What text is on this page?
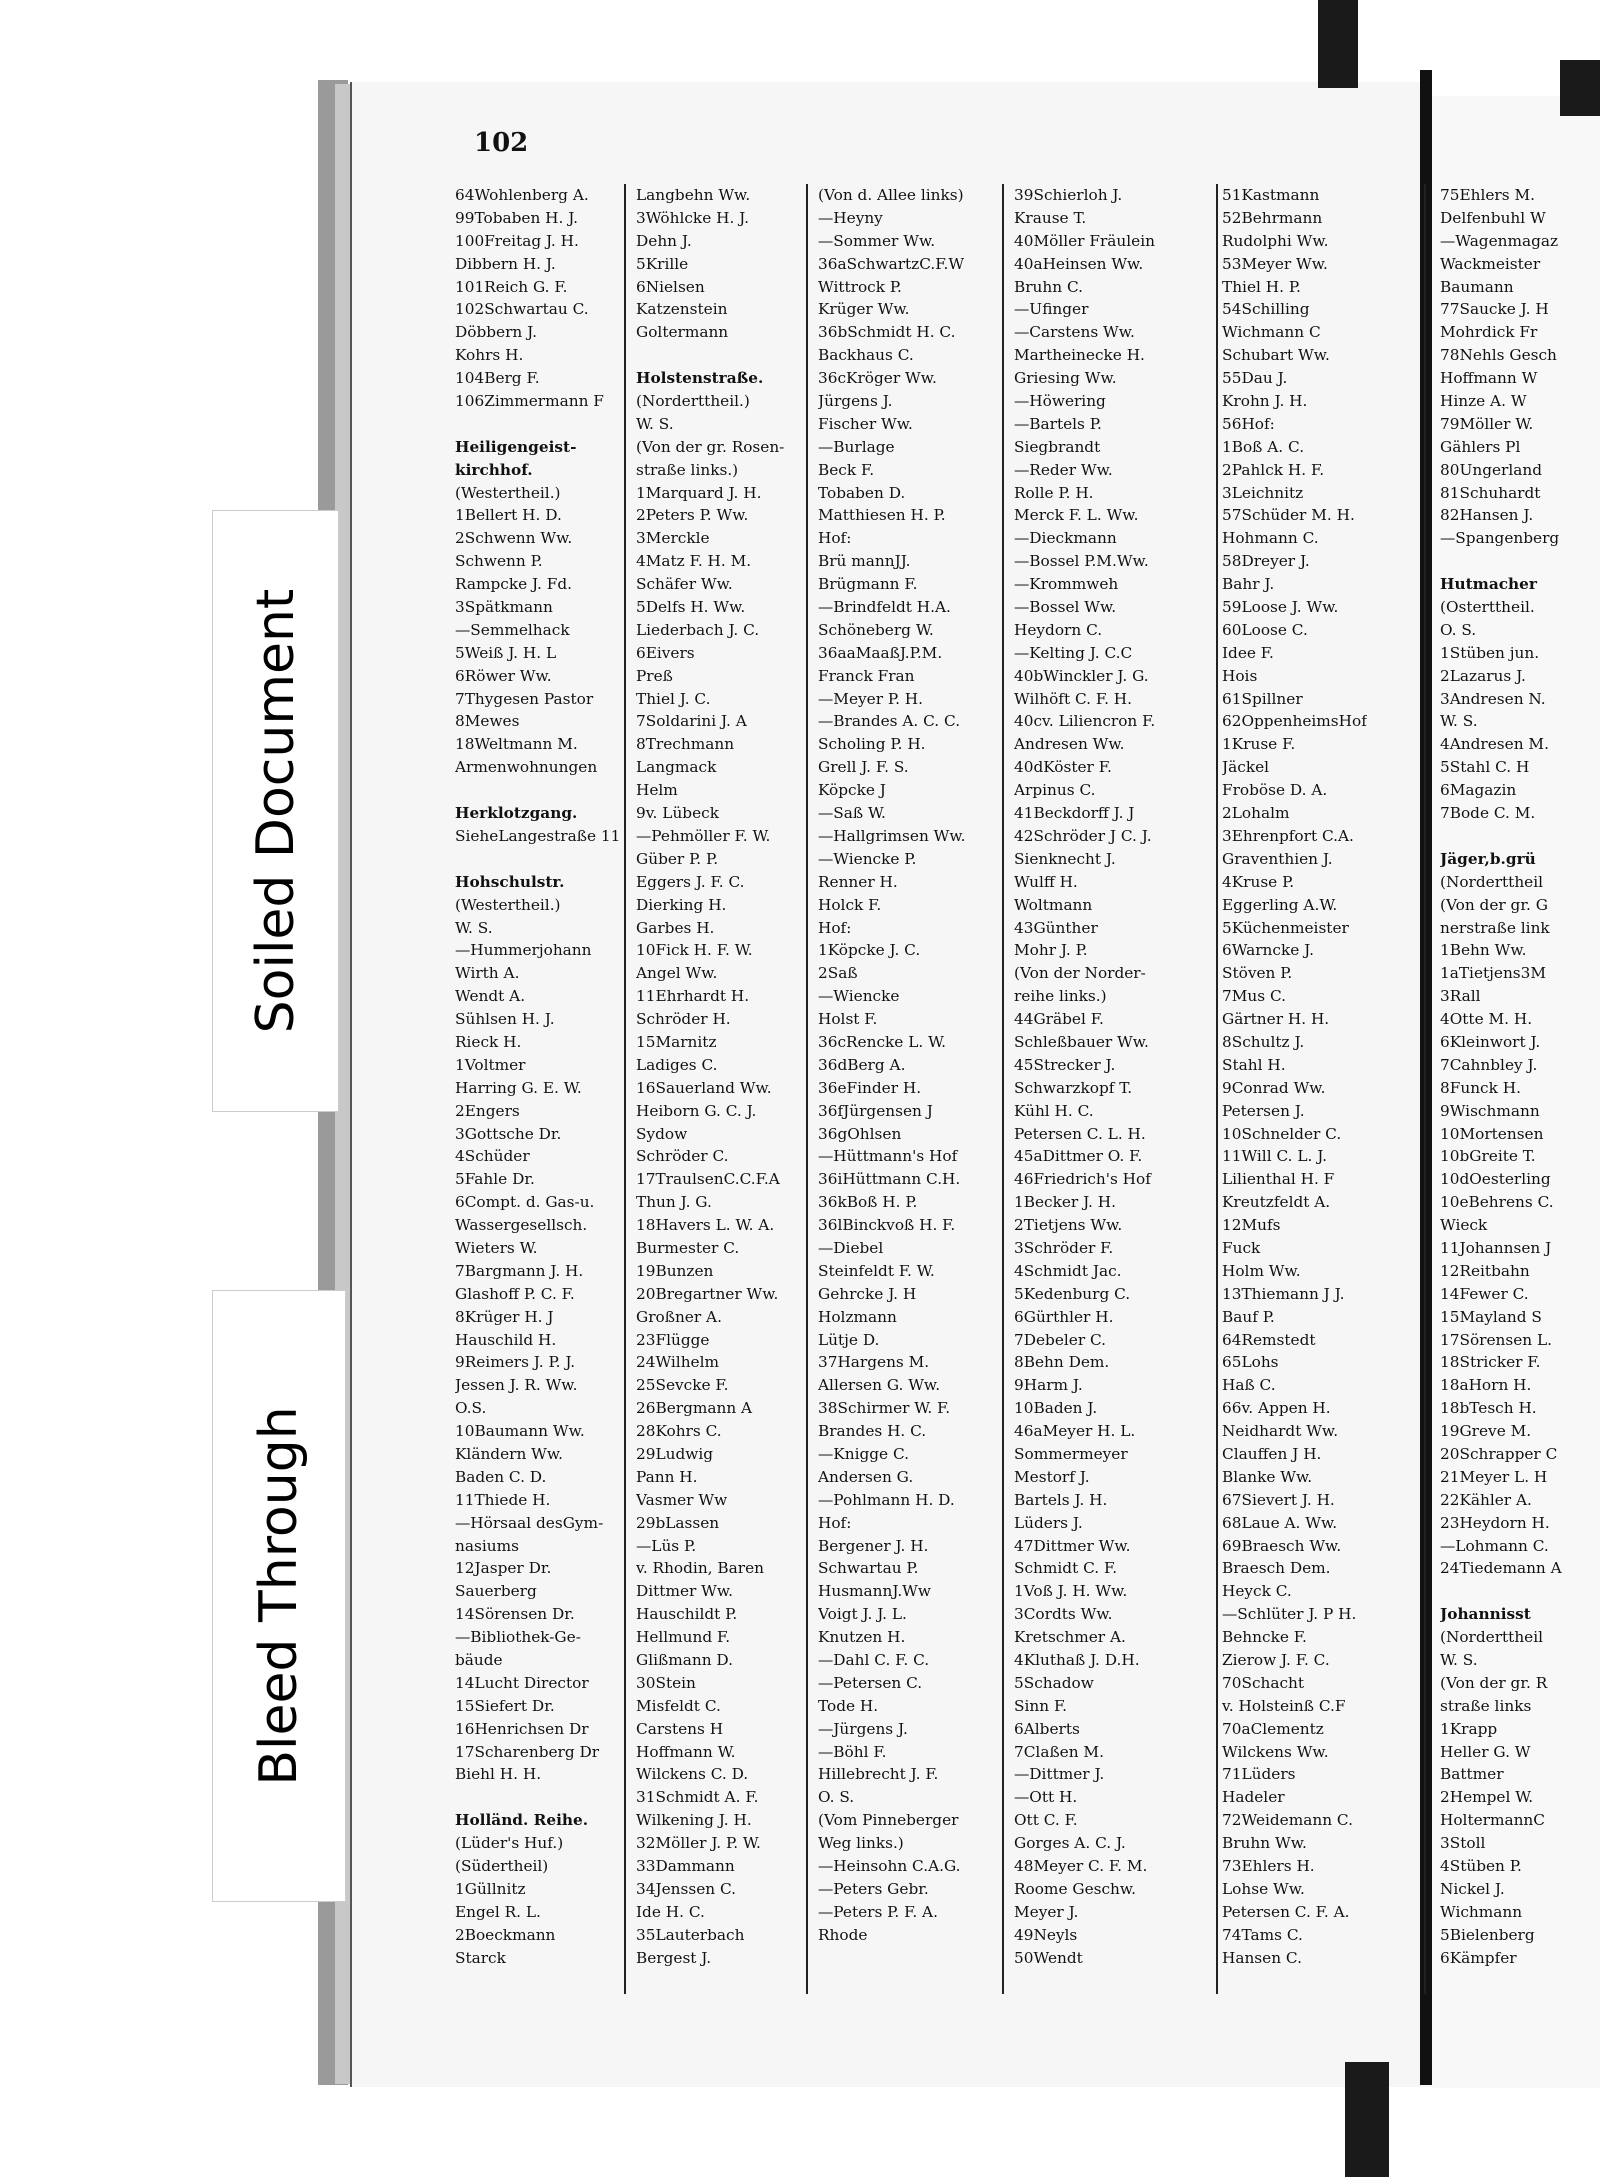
102
64Wohlenberg A.
99Tobaben H. J.
100Freitag J. H.
Dibbern H. J.
101Reich G. F.
102Schwartau C.
Döbbern J.
Kohrs H.
104Berg F.
106Zimmermann F

Heiligengeist-
kirchhof.
(Westertheil.)
1Bellert H. D.
2Schwenn Ww.
Schwenn P.
Rampcke J. Fd.
3Spätkmann
—Semmelhack
5Weiß J. H. L
6Röwer Ww.
7Thygesen Pastor
8Mewes
18Weltmann M.
Armenwohnungen

Herklotzgang.
SieheLangestraße 11

Hohschulstr.
(Westertheil.)
W. S.
—Hummerjohann
Wirth A.
Wendt A.
Sühlsen H. J.
Rieck H.
1Voltmer
Harring G. E. W.
2Engers
3Gottsche Dr.
4Schüder
5Fahle Dr.
6Compt. d. Gas-u.
Wassergesellsch.
Wieters W.
7Bargmann J. H.
Glashoff P. C. F.
8Krüger H. J
Hauschild H.
9Reimers J. P. J.
Jessen J. R. Ww.
O.S.
10Baumann Ww.
Kländern Ww.
Baden C. D.
11Thiede H.
—Hörsaal desGym-
nasiums
12Jasper Dr.
Sauerberg
14Sörensen Dr.
—Bibliothek-Ge-
bäude
14Lucht Director
15Siefert Dr.
16Henrichsen Dr
17Scharenberg Dr
Biehl H. H.

Holländ. Reihe.
(Lüder's Huf.)
(Südertheil)
1Güllnitz
Engel R. L.
2Boeckmann
Starck
Langbehn Ww.
3Wöhlcke H. J.
Dehn J.
5Krille
6Nielsen
Katzenstein
Goltermann

Holstenstraße.
(Norderttheil.)
W. S.
(Von der gr. Rosen-
straße links.)
1Marquard J. H.
2Peters P. Ww.
3Merckle
4Matz F. H. M.
Schäfer Ww.
5Delfs H. Ww.
Liederbach J. C.
6Eivers
Preß
Thiel J. C.
7Soldarini J. A
8Trechmann
Langmack
Helm
9v. Lübeck
—Pehmöller F. W.
Güber P. P.
Eggers J. F. C.
Dierking H.
Garbes H.
10Fick H. F. W.
Angel Ww.
11Ehrhardt H.
Schröder H.
15Marnitz
Ladiges C.
16Sauerland Ww.
Heiborn G. C. J.
Sydow
Schröder C.
17TraulsenC.C.F.A
Thun J. G.
18Havers L. W. A.
Burmester C.
19Bunzen
20Bregartner Ww.
Großner A.
23Flügge
24Wilhelm
25Sevcke F.
26Bergmann A
28Kohrs C.
29Ludwig
Pann H.
Vasmer Ww
29bLassen
—Lüs P.
v. Rhodin, Baren
Dittmer Ww.
Hauschildt P.
Hellmund F.
Glißmann D.
30Stein
Misfeldt C.
Carstens H
Hoffmann W.
Wilckens C. D.
31Schmidt A. F.
Wilkening J. H.
32Möller J. P. W.
33Dammann
34Jenssen C.
Ide H. C.
35Lauterbach
Bergest J.
(Von d. Allee links)
—Heyny
—Sommer Ww.
36aSchwartzC.F.W
Wittrock P.
Krüger Ww.
36bSchmidt H. C.
Backhaus C.
36cKröger Ww.
Jürgens J.
Fischer Ww.
—Burlage
Beck F.
Tobaben D.
Matthiesen H. P.
Hof:
Brü mannJJ.
Brügmann F.
—Brindfeldt H.A.
Schöneberg W.
36aaMaaßJ.P.M.
Franck Fran
—Meyer P. H.
—Brandes A. C. C.
Scholing P. H.
Grell J. F. S.
Köpcke J
—Saß W.
—Hallgrimsen Ww.
—Wiencke P.
Renner H.
Holck F.
Hof:
1Köpcke J. C.
2Saß
—Wiencke
Holst F.
36cRencke L. W.
36dBerg A.
36eFinder H.
36fJürgensen J
36gOhlsen
—Hüttmann's Hof
36iHüttmann C.H.
36kBoß H. P.
36lBinckvoß H. F.
—Diebel
Steinfeldt F. W.
Gehrcke J. H
Holzmann
Lütje D.
37Hargens M.
Allersen G. Ww.
38Schirmer W. F.
Brandes H. C.
—Knigge C.
Andersen G.
—Pohlmann H. D.
Hof:
Bergener J. H.
Schwartau P.
HusmannJ.Ww
Voigt J. J. L.
Knutzen H.
—Dahl C. F. C.
—Petersen C.
Tode H.
—Jürgens J.
—Böhl F.
Hillebrecht J. F.
O. S.
(Vom Pinneberger
Weg links.)
—Heinsohn C.A.G.
—Peters Gebr.
—Peters P. F. A.
Rhode
39Schierloh J.
Krause T.
40Möller Fräulein
40aHeinsen Ww.
Bruhn C.
—Ufinger
—Carstens Ww.
Martheinecke H.
Griesing Ww.
—Höwering
—Bartels P.
Siegbrandt
—Reder Ww.
Rolle P. H.
Merck F. L. Ww.
—Dieckmann
—Bossel P.M.Ww.
—Krommweh
—Bossel Ww.
Heydorn C.
—Kelting J. C.C
40bWinckler J. G.
Wilhöft C. F. H.
40cv. Liliencron F.
Andresen Ww.
40dKöster F.
Arpinus C.
41Beckdorff J. J
42Schröder J C. J.
Sienknecht J.
Wulff H.
Woltmann
43Günther
Mohr J. P.
(Von der Norder-
reihe links.)
44Gräbel F.
Schleßbauer Ww.
45Strecker J.
Schwarzkopf T.
Kühl H. C.
Petersen C. L. H.
45aDittmer O. F.
46Friedrich's Hof
1Becker J. H.
2Tietjens Ww.
3Schröder F.
4Schmidt Jac.
5Kedenburg C.
6Gürthler H.
7Debeler C.
8Behn Dem.
9Harm J.
10Baden J.
46aMeyer H. L.
Sommermeyer
Mestorf J.
Bartels J. H.
Lüders J.
47Dittmer Ww.
Schmidt C. F.
1Voß J. H. Ww.
3Cordts Ww.
Kretschmer A.
4Kluthaß J. D.H.
5Schadow
Sinn F.
6Alberts
7Claßen M.
—Dittmer J.
—Ott H.
Ott C. F.
Gorges A. C. J.
48Meyer C. F. M.
Roome Geschw.
Meyer J.
49Neyls
50Wendt
51Kastmann
52Behrmann
Rudolphi Ww.
53Meyer Ww.
Thiel H. P.
54Schilling
Wichmann C
Schubart Ww.
55Dau J.
Krohn J. H.
56Hof:
1Boß A. C.
2Pahlck H. F.
3Leichnitz
57Schüder M. H.
Hohmann C.
58Dreyer J.
Bahr J.
59Loose J. Ww.
60Loose C.
Idee F.
Hois
61Spillner
62OppenheimsHof
1Kruse F.
Jäckel
Froböse D. A.
2Lohalm
3Ehrenpfort C.A.
Graventhien J.
4Kruse P.
Eggerling A.W.
5Küchenmeister
6Warncke J.
Stöven P.
7Mus C.
Gärtner H. H.
8Schultz J.
Stahl H.
9Conrad Ww.
Petersen J.
10Schnelder C.
11Will C. L. J.
Lilienthal H. F
Kreutzfeldt A.
12Mufs
Fuck
Holm Ww.
13Thiemann J J.
Bauf P.
64Remstedt
65Lohs
Haß C.
66v. Appen H.
Neidhardt Ww.
Clauffen J H.
Blanke Ww.
67Sievert J. H.
68Laue A. Ww.
69Braesch Ww.
Braesch Dem.
Heyck C.
—Schlüter J. P H.
Behncke F.
Zierow J. F. C.
70Schacht
v. Holsteinß C.F
70aClementz
Wilckens Ww.
71Lüders
Hadeler
72Weidemann C.
Bruhn Ww.
73Ehlers H.
Lohse Ww.
Petersen C. F. A.
74Tams C.
Hansen C.
75Ehlers M.
Delfenbuhl W
—Wagenmagaz
Wackmeister
Baumann
77Saucke J. H
Mohrdick Fr
78Nehls Gesch
Hoffmann W
Hinze A. W
79Möller W.
Gählers Pl
80Ungerland
81Schuhardt
82Hansen J.
—Spangenberg

Hutmacher
(Osterttheil.
O. S.
1Stüben jun.
2Lazarus J.
3Andresen N.
W. S.
4Andresen M.
5Stahl C. H
6Magazin
7Bode C. M.

Jäger,b.grü
(Norderttheil
(Von der gr. G
nerstraße link
1Behn Ww.
1aTietjens3M
3Rall
4Otte M. H.
6Kleinwort J.
7Cahnbley J.
8Funck H.
9Wischmann
10Mortensen
10bGreite T.
10dOesterling
10eBehrens C.
Wieck
11Johannsen J
12Reitbahn
14Fewer C.
15Mayland S
17Sörensen L.
18Stricker F.
18aHorn H.
18bTesch H.
19Greve M.
20Schrapper C
21Meyer L. H
22Kähler A.
23Heydorn H.
—Lohmann C.
24Tiedemann A

Johannisst
(Norderttheil
W. S.
(Von der gr. R
straße links
1Krapp
Heller G. W
Battmer
2Hempel W.
HoltermannC
3Stoll
4Stüben P.
Nickel J.
Wichmann
5Bielenberg
6Kämpfer
Soiled Document
Bleed Through
